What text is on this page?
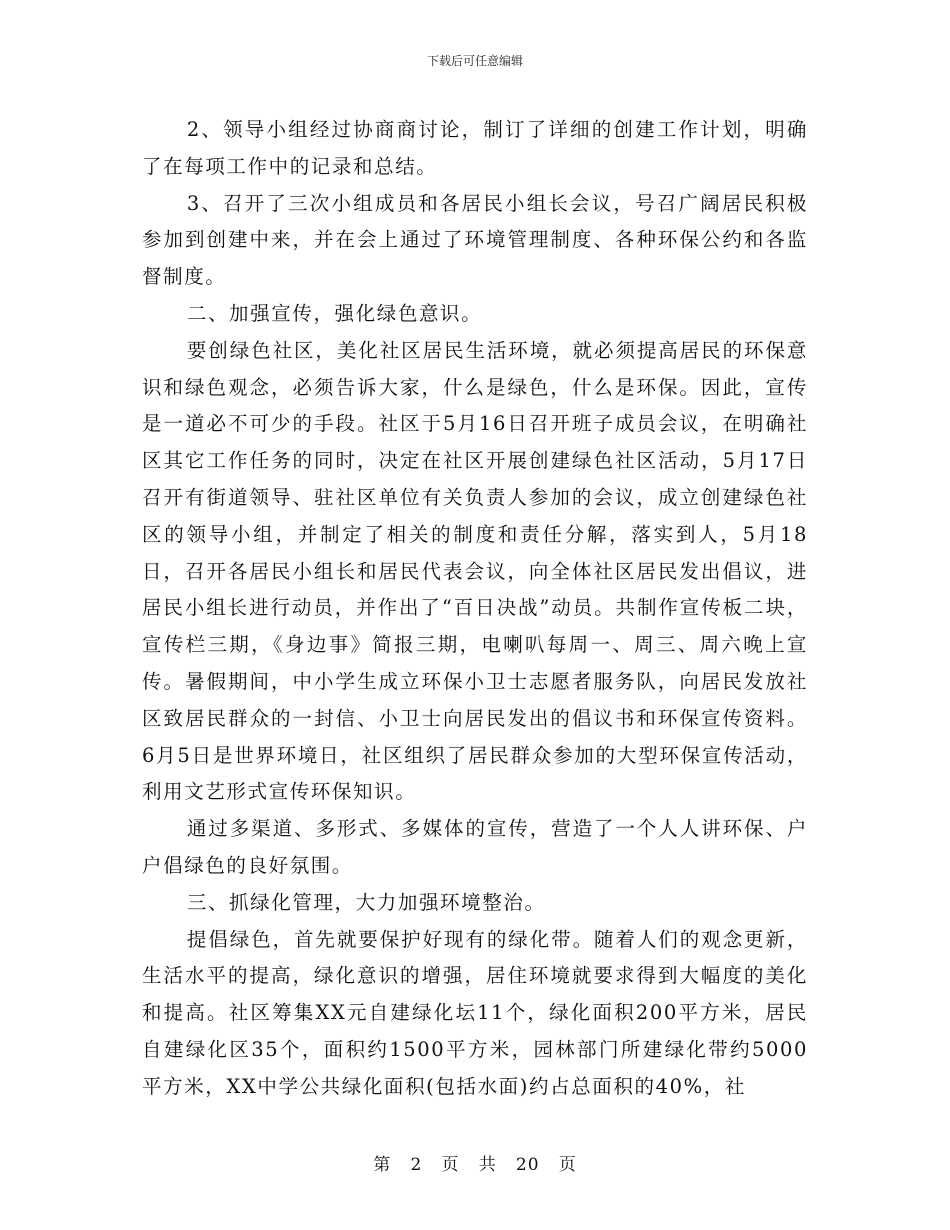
下载后可任意编辑

2、领导小组经过协商商讨论，制订了详细的创建工作计划，明确了在每项工作中的记录和总结。

3、召开了三次小组成员和各居民小组长会议，号召广阔居民积极参加到创建中来，并在会上通过了环境管理制度、各种环保公约和各监督制度。

二、加强宣传，强化绿色意识。

要创绿色社区，美化社区居民生活环境，就必须提高居民的环保意识和绿色观念，必须告诉大家，什么是绿色，什么是环保。因此，宣传是一道必不可少的手段。社区于5月16日召开班子成员会议，在明确社区其它工作任务的同时，决定在社区开展创建绿色社区活动，5月17日召开有街道领导、驻社区单位有关负责人参加的会议，成立创建绿色社区的领导小组，并制定了相关的制度和责任分解，落实到人，5月18日，召开各居民小组长和居民代表会议，向全体社区居民发出倡议，进居民小组长进行动员，并作出了“百日决战”动员。共制作宣传板二块，宣传栏三期，《身边事》简报三期，电喇叭每周一、周三、周六晚上宣传。暑假期间，中小学生成立环保小卫士志愿者服务队，向居民发放社区致居民群众的一封信、小卫士向居民发出的倡议书和环保宣传资料。6月5日是世界环境日，社区组织了居民群众参加的大型环保宣传活动，利用文艺形式宣传环保知识。

通过多渠道、多形式、多媒体的宣传，营造了一个人人讲环保、户户倡绿色的良好氛围。

三、抓绿化管理，大力加强环境整治。

提倡绿色，首先就要保护好现有的绿化带。随着人们的观念更新，生活水平的提高，绿化意识的增强，居住环境就要求得到大幅度的美化和提高。社区筹集XX元自建绿化坛11个，绿化面积200平方米，居民自建绿化区35个，面积约1500平方米，园林部门所建绿化带约5000平方米，XX中学公共绿化面积(包括水面)约占总面积的40%，社

第 2 页 共 20 页
